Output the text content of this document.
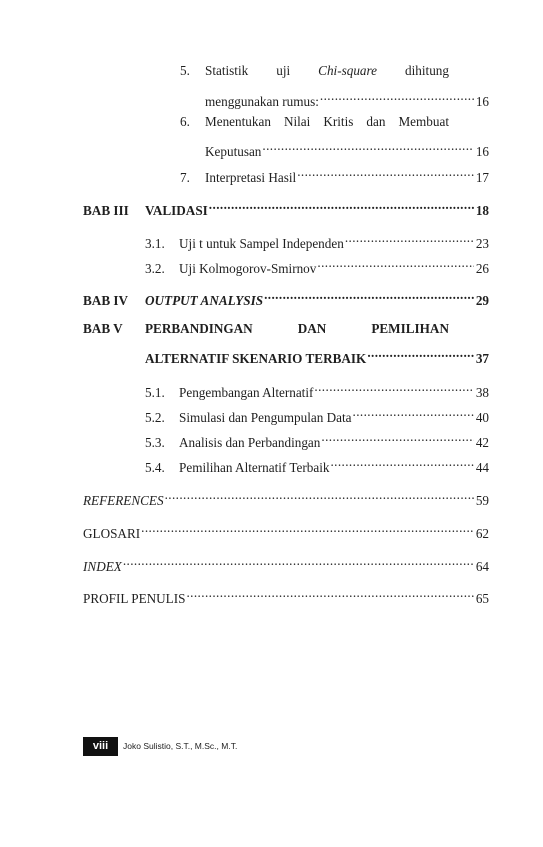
5. Statistik uji Chi-square dihitung
menggunakan rumus: .....	16
6. Menentukan Nilai Kritis dan Membuat
Keputusan .....	16
7.	Interpretasi Hasil .....	17
BAB III	VALIDASI .....	18
3.1.	Uji t untuk Sampel Independen .....	23
3.2.	Uji Kolmogorov-Smirnov .....	26
BAB IV	OUTPUT ANALYSIS .....	29
BAB V PERBANDINGAN	DAN	PEMILIHAN
ALTERNATIF SKENARIO TERBAIK .....	37
5.1.	Pengembangan Alternatif .....	38
5.2.	Simulasi dan Pengumpulan Data .....	40
5.3.	Analisis dan Perbandingan .....	42
5.4.	Pemilihan Alternatif Terbaik .....	44
REFERENCES .....	59
GLOSARI .....	62
INDEX .....	64
PROFIL PENULIS .....	65
viii	Joko Sulistio, S.T., M.Sc., M.T.
